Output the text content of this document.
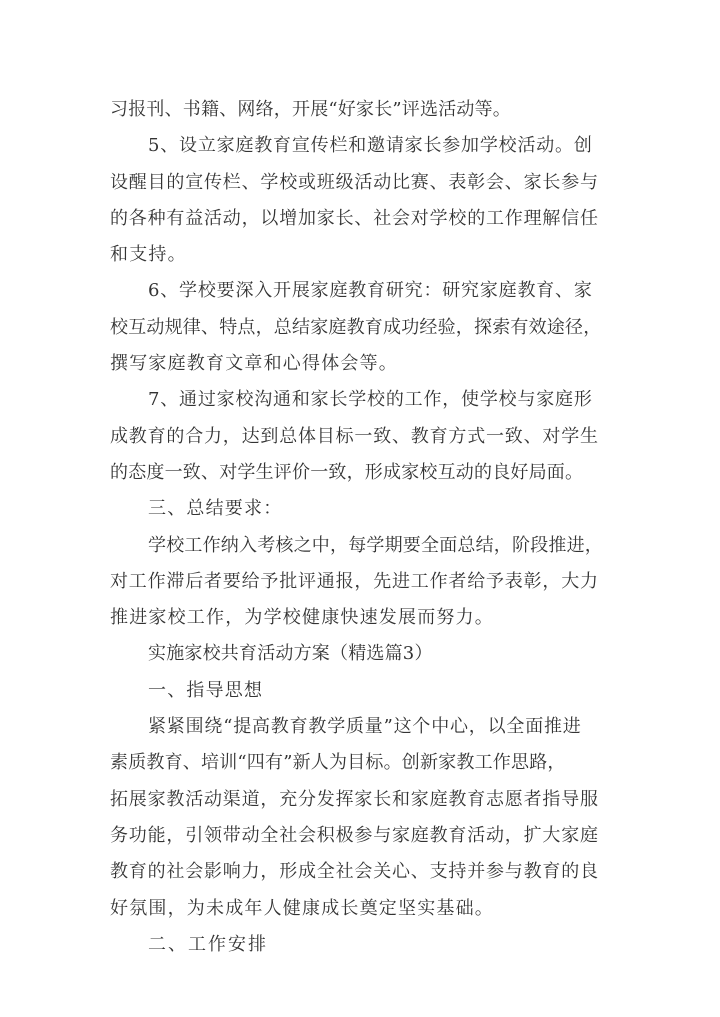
习报刊、书籍、网络，开展“好家长”评选活动等。
5、设立家庭教育宣传栏和邀请家长参加学校活动。创
设醒目的宣传栏、学校或班级活动比赛、表彰会、家长参与
的各种有益活动，以增加家长、社会对学校的工作理解信任
和支持。
6、学校要深入开展家庭教育研究：研究家庭教育、家
校互动规律、特点，总结家庭教育成功经验，探索有效途径，
撰写家庭教育文章和心得体会等。
7、通过家校沟通和家长学校的工作，使学校与家庭形
成教育的合力，达到总体目标一致、教育方式一致、对学生
的态度一致、对学生评价一致，形成家校互动的良好局面。
三、总结要求：
学校工作纳入考核之中，每学期要全面总结，阶段推进，
对工作滞后者要给予批评通报，先进工作者给予表彰，大力
推进家校工作，为学校健康快速发展而努力。
实施家校共育活动方案（精选篇3）
一、指导思想
紧紧围绕“提高教育教学质量”这个中心，以全面推进
素质教育、培训“四有”新人为目标。创新家教工作思路，
拓展家教活动渠道，充分发挥家长和家庭教育志愿者指导服
务功能，引领带动全社会积极参与家庭教育活动，扩大家庭
教育的社会影响力，形成全社会关心、支持并参与教育的良
好氛围，为未成年人健康成长奠定坚实基础。
二、工作安排
